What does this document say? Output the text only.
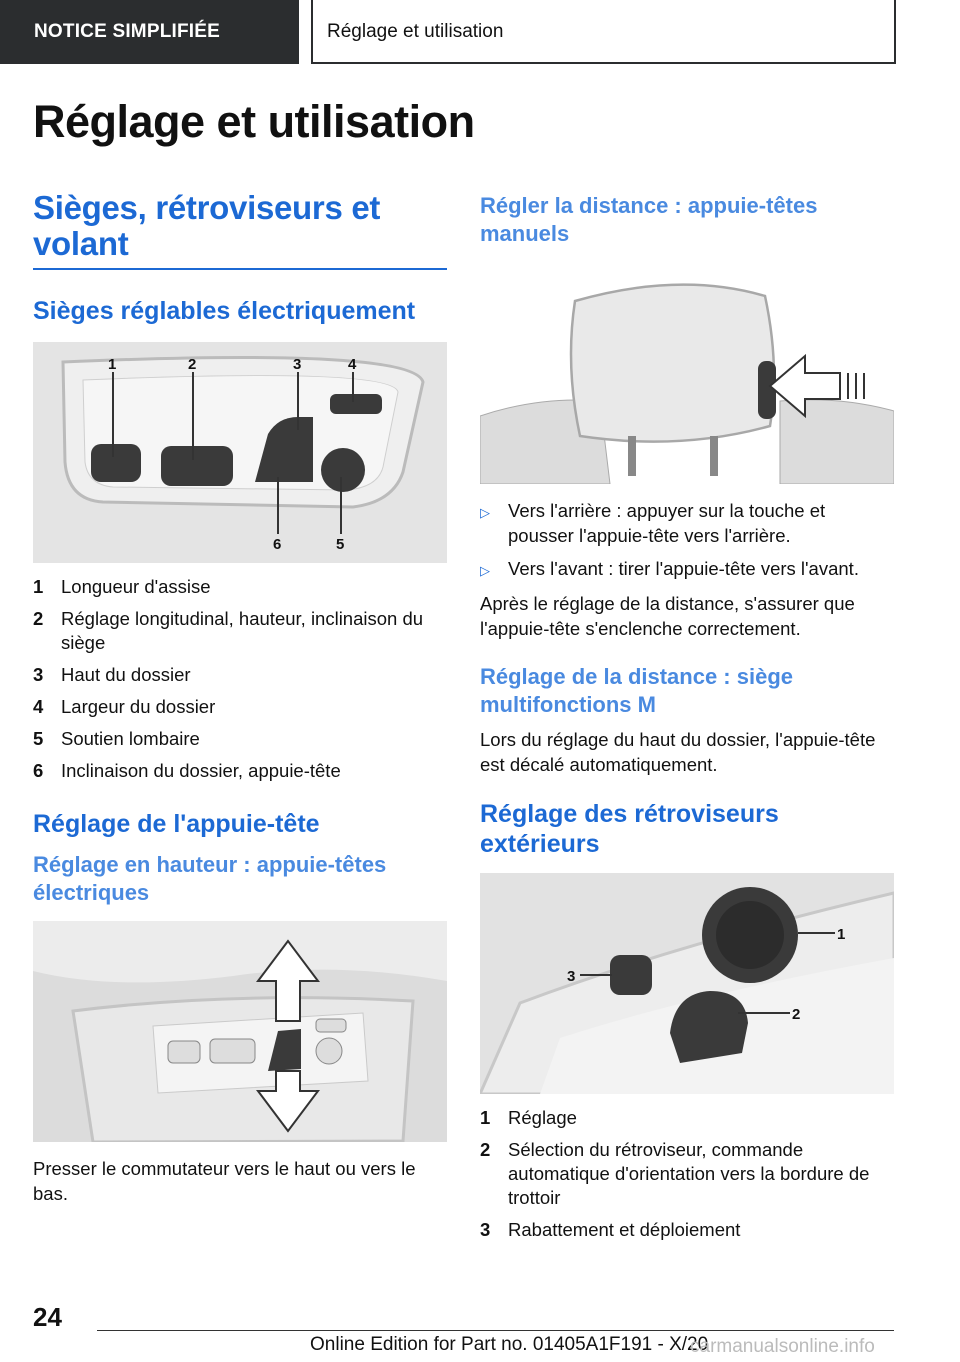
NOTICE SIMPLIFIÉE	Réglage et utilisation
Réglage et utilisation
Sièges, rétroviseurs et volant
Sièges réglables électriquement
1	2	3	4
5
6
1 Longueur d'assise
2 Réglage longitudinal, hauteur, inclinaison du siège
3 Haut du dossier
4 Largeur du dossier
5 Soutien lombaire
6 Inclinaison du dossier, appuie-tête
Réglage de l'appuie-tête
Réglage en hauteur : appuie-têtes électriques
Presser le commutateur vers le haut ou vers le bas.
Régler la distance : appuie-têtes manuels
▷ Vers l'arrière : appuyer sur la touche et pousser l'appuie-tête vers l'arrière.
▷ Vers l'avant : tirer l'appuie-tête vers l'avant.
Après le réglage de la distance, s'assurer que l'appuie-tête s'enclenche correctement.
Réglage de la distance : siège multifonctions M
Lors du réglage du haut du dossier, l'appuie-tête est décalé automatiquement.
Réglage des rétroviseurs extérieurs
1
2
3
1 Réglage
2 Sélection du rétroviseur, commande automatique d'orientation vers la bordure de trottoir
3 Rabattement et déploiement
24
Online Edition for Part no. 01405A1F191 - X/20
carmanualsonline.info
